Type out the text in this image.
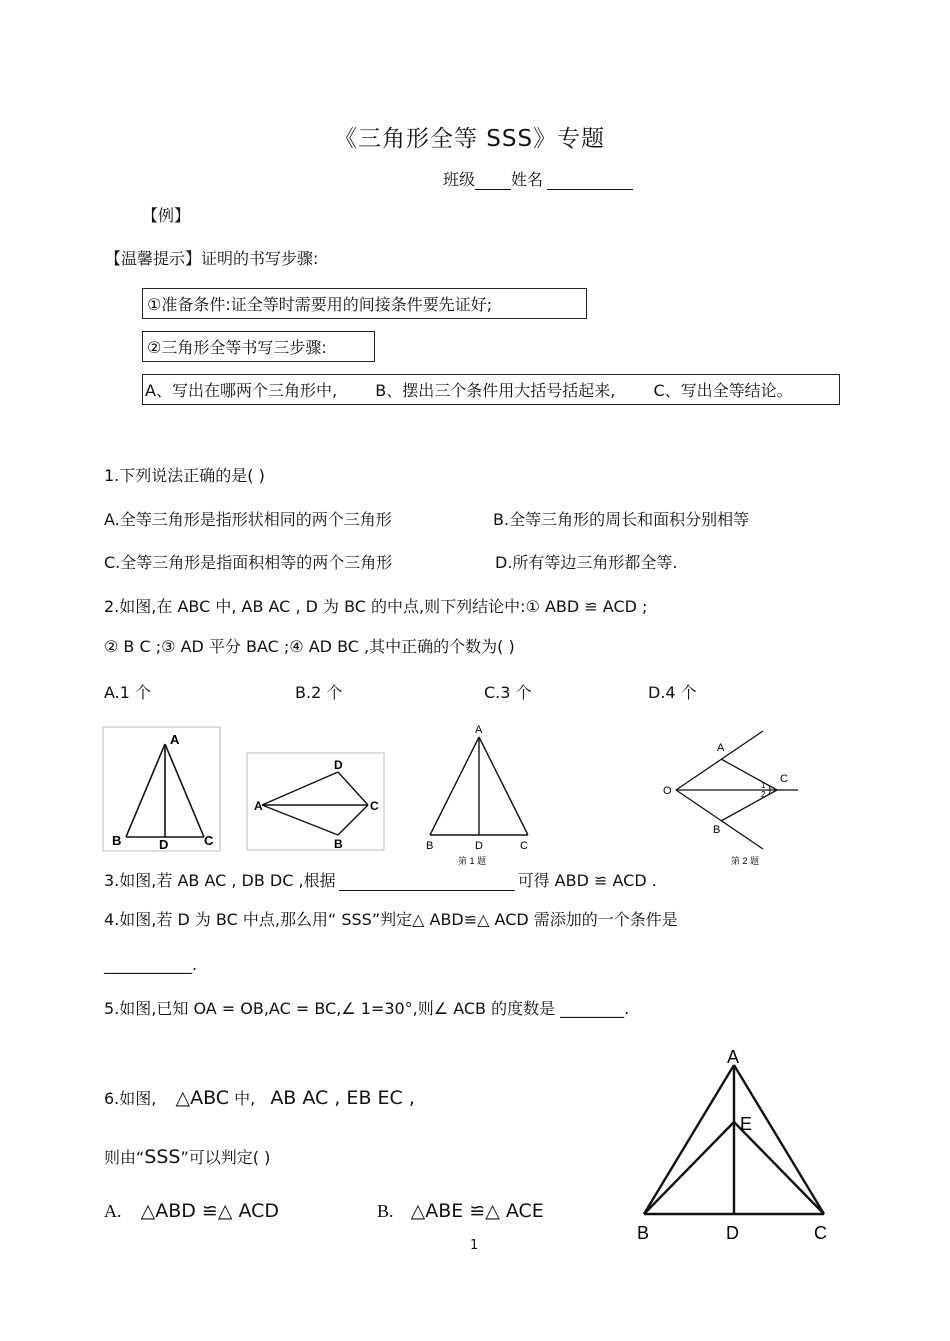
《三角形全等 SSS》专题
班级 姓名
【例】
【温馨提示】证明的书写步骤:
①准备条件:证全等时需要用的间接条件要先证好;
②三角形全等书写三步骤:
A、写出在哪两个三角形中, B、摆出三个条件用大括号括起来, C、写出全等结论。
1.下列说法正确的是( )
A.全等三角形是指形状相同的两个三角形	B.全等三角形的周长和面积分别相等
C.全等三角形是指面积相等的两个三角形	D.所有等边三角形都全等.
2.如图,在 ABC 中, AB AC , D 为 BC 的中点,则下列结论中:① ABD ≌ ACD ;
② B C ;③ AD 平分 BAC ;④ AD BC ,其中正确的个数为( )
A.1 个	B.2 个	C.3 个	D.4 个
A
B	C
D
A
D
C
B
A
B	D	C
第 1 题
A
O
C
B
1
2
第 2 题
3.如图,若 AB AC , DB DC ,根据	可得 ABD ≌ ACD .
4.如图,若 D 为 BC 中点,那么用“ SSS”判定△ ABD≌△ ACD 需添加的一个条件是
___________.
5.如图,已知 OA = OB,AC = BC,∠ 1=30°,则∠ ACB 的度数是 ________.
6.如图, △ABC 中, AB AC , EB EC ,
则由“SSS”可以判定( )
A. △ABD ≌△ ACD	B. △ABE ≌△ ACE
A
E
B	D	C
1
